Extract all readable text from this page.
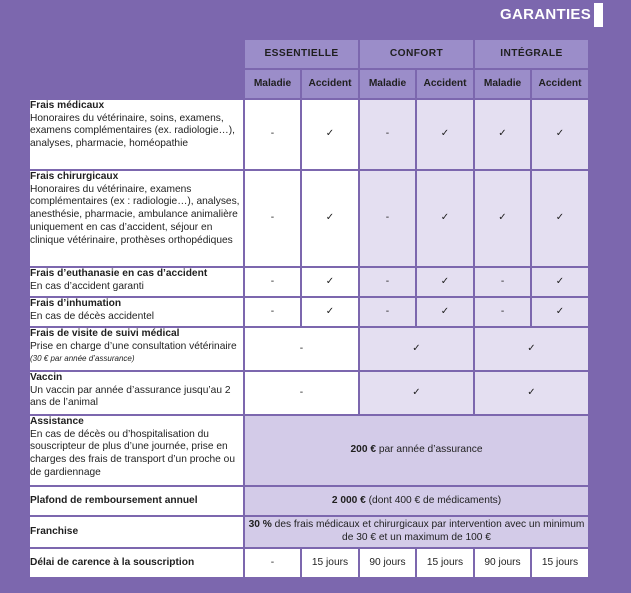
GARANTIES
	ESSENTIELLE		CONFORT		INTÉGRALE	
	Maladie	Accident	Maladie	Accident	Maladie	Accident

Frais médicaux
Honoraires du vétérinaire, soins, examens, examens complémentaires (ex. radiologie…), analyses, pharmacie, homéopathie	-	✓	-	✓	✓	✓

Frais chirurgicaux
Honoraires du vétérinaire, examens complémentaires (ex : radiologie…), analyses, anesthésie, pharmacie, ambulance animalière uniquement en cas d’accident, séjour en clinique vétérinaire, prothèses orthopédiques	-	✓	-	✓	✓	✓

Frais d’euthanasie en cas d’accident
En cas d’accident garanti	-	✓	-	✓	-	✓

Frais d’inhumation
En cas de décès accidentel	-	✓	-	✓	-	✓

Frais de visite de suivi médical
Prise en charge d’une consultation vétérinaire (30 € par année d’assurance)	-		✓		✓	

Vaccin
Un vaccin par année d’assurance jusqu’au 2 ans de l’animal	-		✓		✓	

Assistance
En cas de décès ou d’hospitalisation du souscripteur de plus d’une journée, prise en charges des frais de transport d’un proche ou de gardiennage	200 € par année d’assurance					
Plafond de remboursement annuel	2 000 € (dont 400 € de médicaments)					
Franchise	30 % des frais médicaux et chirurgicaux par intervention avec un minimum de 30 € et un maximum de 100 €					
Délai de carence à la souscription	-	15 jours	90 jours	15 jours	90 jours	15 jours
